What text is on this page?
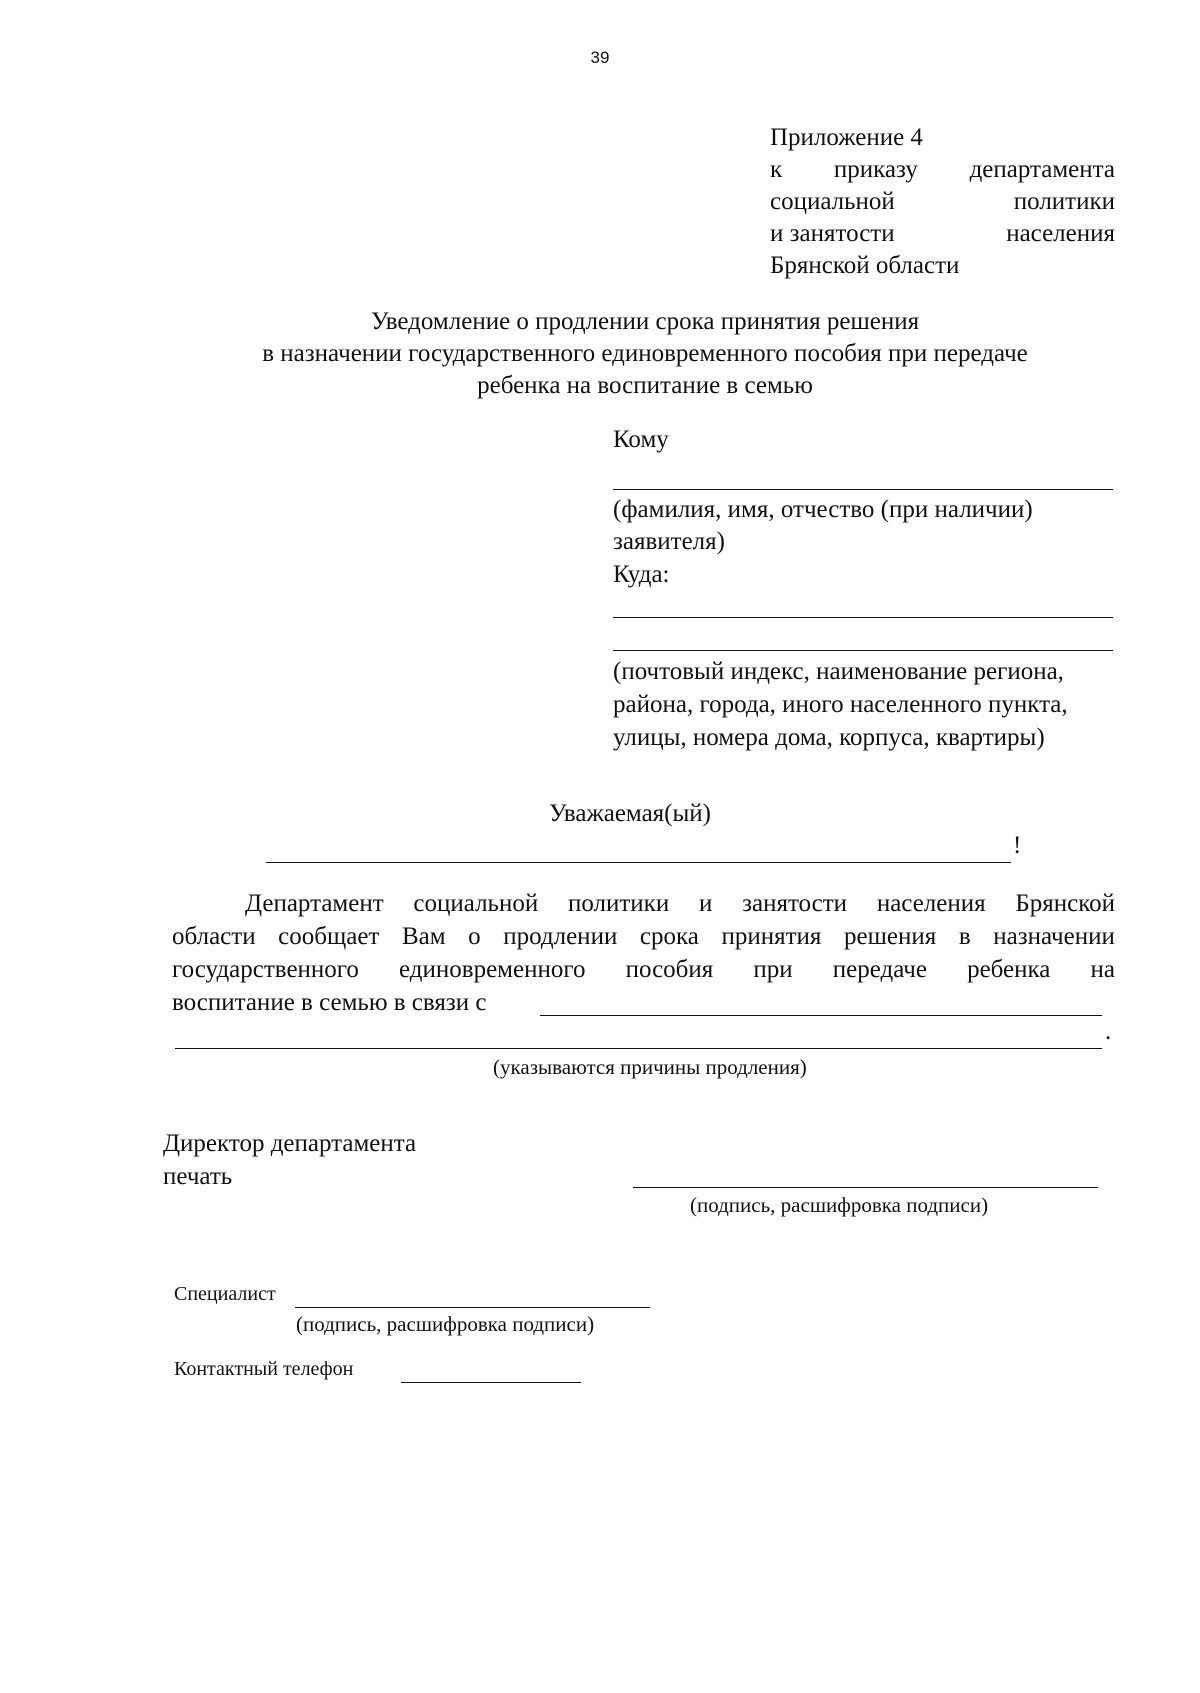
39
Приложение 4
к приказу департамента
социальной	политики
и занятости	населения
Брянской области
Уведомление о продлении срока принятия решения
в назначении государственного единовременного пособия при передаче
ребенка на воспитание в семью
Кому
(фамилия, имя, отчество (при наличии)
заявителя)
Куда:
(почтовый индекс, наименование региона,
района, города, иного населенного пункта,
улицы, номера дома, корпуса, квартиры)
Уважаемая(ый)
!
Департамент социальной политики и занятости населения Брянской
области сообщает Вам о продлении срока принятия решения в назначении
государственного единовременного пособия при передаче ребенка на
воспитание в семью в связи с
.
(указываются причины продления)
Директор департамента
печать
(подпись, расшифровка подписи)
Специалист
(подпись, расшифровка подписи)
Контактный телефон
